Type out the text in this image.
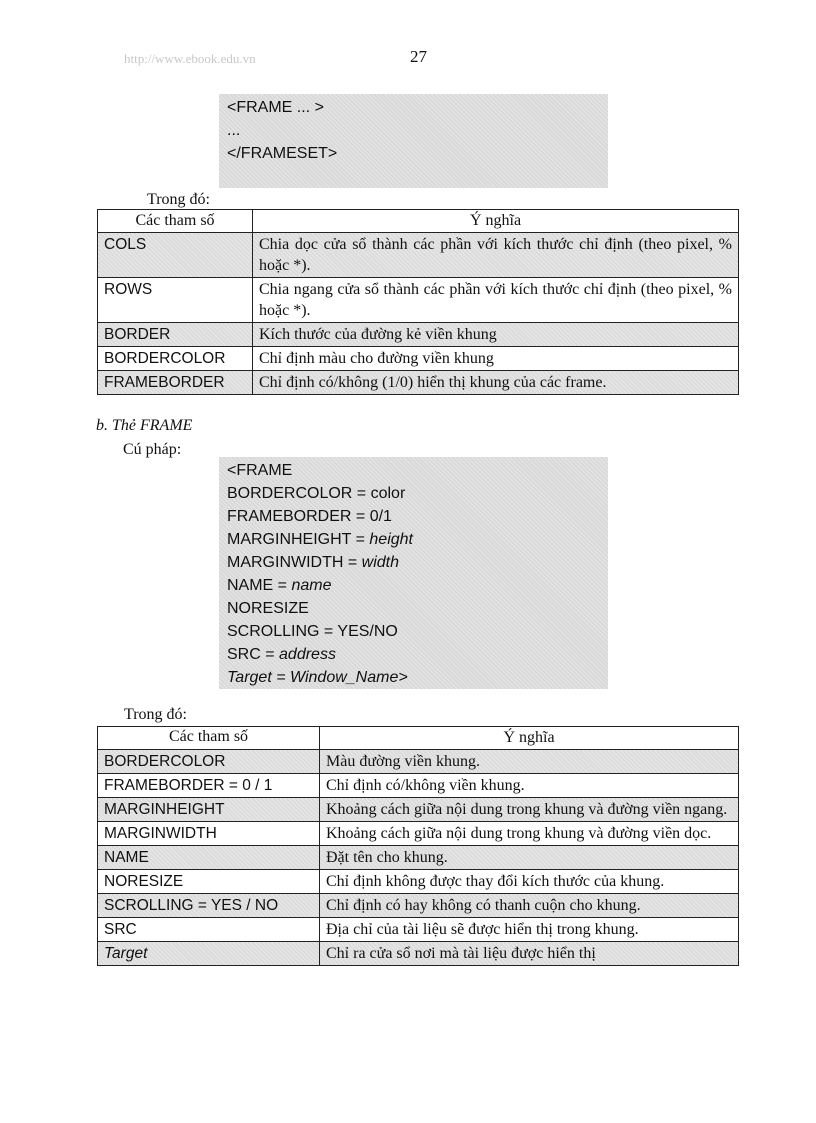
http://www.ebook.edu.vn	27
<FRAME ... >
...
</FRAMESET>
Trong đó:
Các tham số	Ý nghĩa
COLS	Chia dọc cửa sổ thành các phần với kích thước chỉ định (theo pixel, % hoặc *).
ROWS	Chia ngang cửa sổ thành các phần với kích thước chỉ định (theo pixel, % hoặc *).
BORDER	Kích thước của đường kẻ viền khung
BORDERCOLOR	Chỉ định màu cho đường viền khung
FRAMEBORDER	Chỉ định có/không (1/0) hiển thị khung của các frame.
b. Thẻ FRAME
Cú pháp:
<FRAME
BORDERCOLOR = color
FRAMEBORDER = 0/1
MARGINHEIGHT = height
MARGINWIDTH = width
NAME = name
NORESIZE
SCROLLING = YES/NO
SRC = address
Target = Window_Name>
Trong đó:
Các tham số	Ý nghĩa
BORDERCOLOR	Màu đường viền khung.
FRAMEBORDER = 0 / 1	Chỉ định có/không viền khung.
MARGINHEIGHT	Khoảng cách giữa nội dung trong khung và đường viền ngang.
MARGINWIDTH	Khoảng cách giữa nội dung trong khung và đường viền dọc.
NAME	Đặt tên cho khung.
NORESIZE	Chỉ định không được thay đổi kích thước của khung.
SCROLLING = YES / NO	Chỉ định có hay không có thanh cuộn cho khung.
SRC	Địa chỉ của tài liệu sẽ được hiển thị trong khung.
Target	Chỉ ra cửa sổ nơi mà tài liệu được hiển thị
